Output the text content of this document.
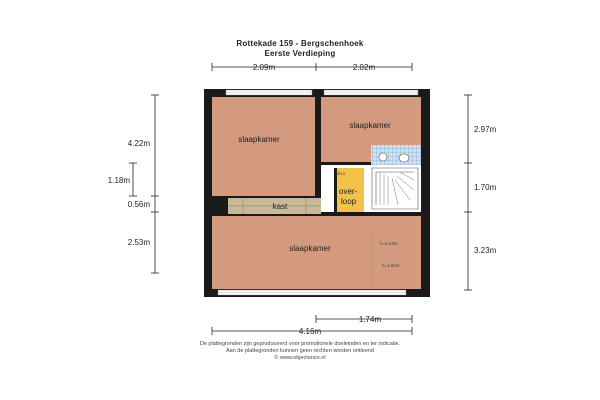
Rottekade 159 - Bergschenhoek
Eerste Verdieping
2.09m	2.02m
4.22m
0.56m
2.53m
1.18m
2.97m
1.70m
3.23m
vlizo
over-
loop
kast
h=2.44m
h=1.50m
slaapkamer
slaapkamer
slaapkamer
1.74m
4.16m
De plattegronden zijn geproduceerd voor promotionele doeleinden en ter indicatie.
Aan de plattegronden kunnen geen rechten worden ontleend
© www.objectenco.nl
